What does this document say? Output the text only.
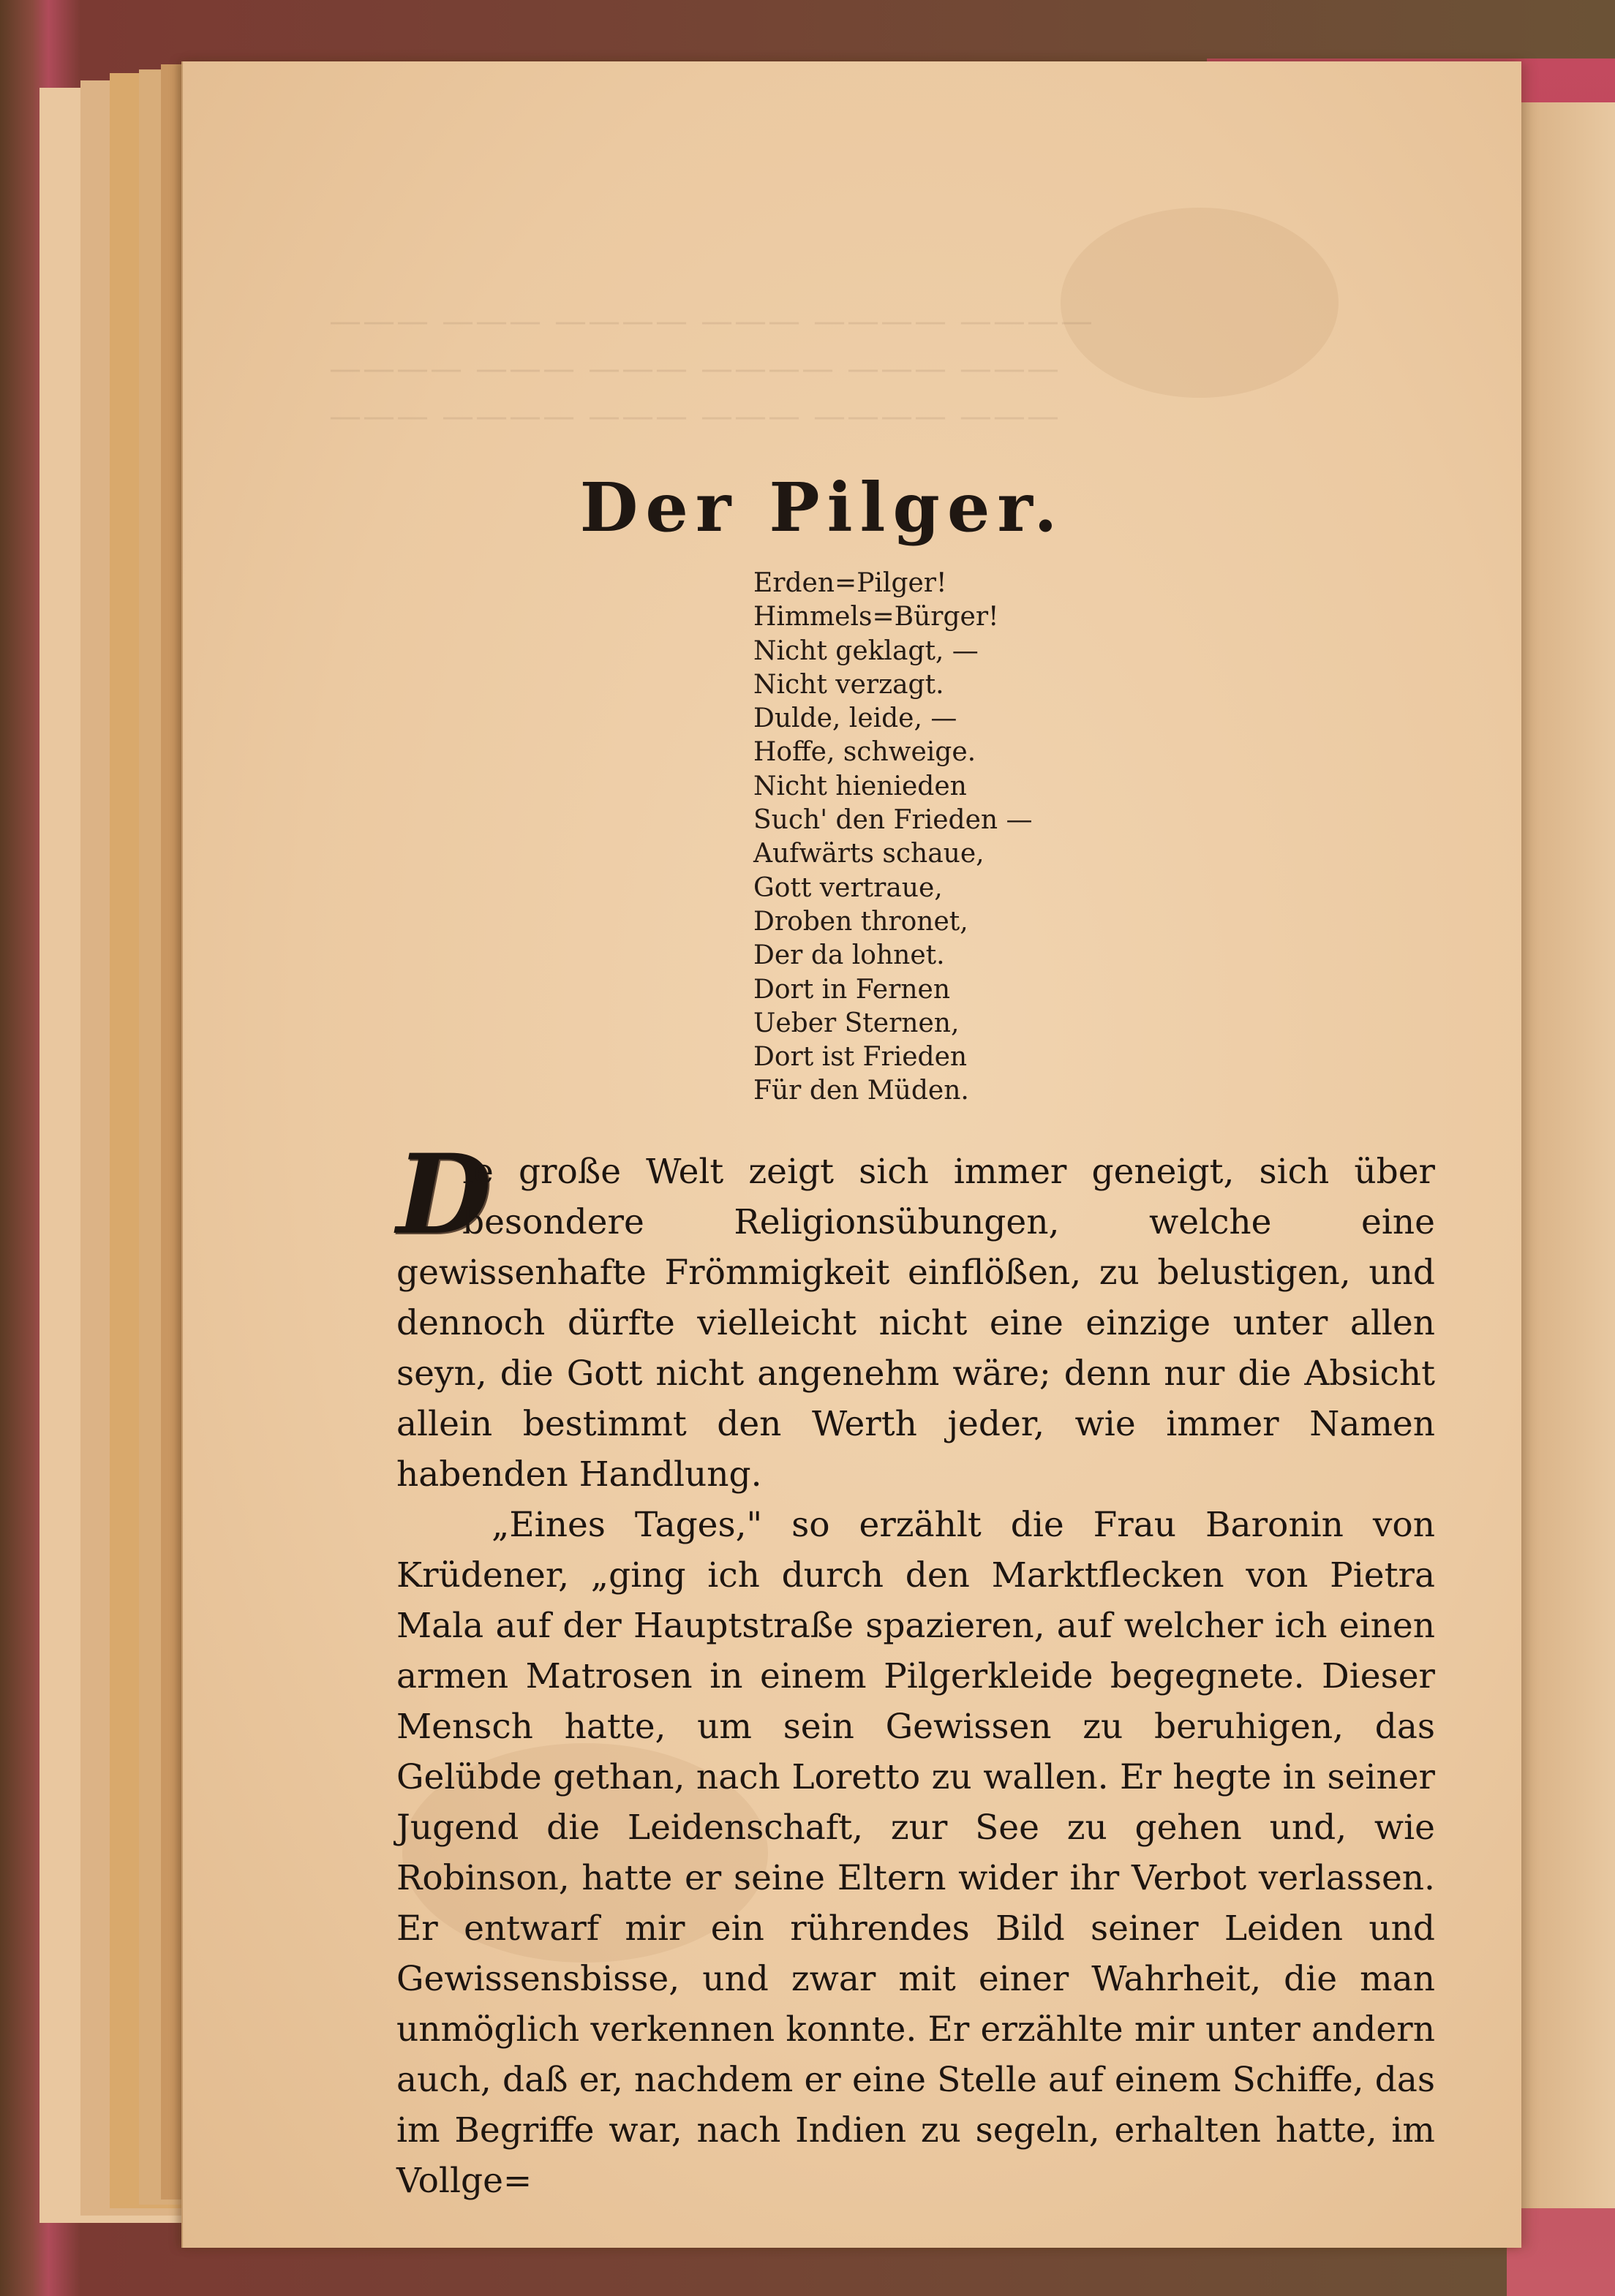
——— ——— ———— ——— ———— ————
———— ——— ——— ———— ——— ———
——— ———— ——— ——— ———— ———
Der Pilger.
Erden=Pilger!
Himmels=Bürger!
Nicht geklagt, —
Nicht verzagt.
Dulde, leide, —
Hoffe, schweige.
Nicht hienieden
Such' den Frieden —
Aufwärts schaue,
Gott vertraue,
Droben thronet,
Der da lohnet.
Dort in Fernen
Ueber Sternen,
Dort ist Frieden
Für den Müden.

D
ie große Welt zeigt sich immer geneigt, sich über besondere Religionsübungen, welche eine gewissenhafte Frömmigkeit einflößen, zu belustigen, und dennoch dürfte vielleicht nicht eine einzige unter allen seyn, die Gott nicht angenehm wäre; denn nur die Absicht allein bestimmt den Werth jeder, wie immer Namen habenden Handlung.

„Eines Tages," so erzählt die Frau Baronin von Krüdener, „ging ich durch den Marktflecken von Pietra Mala auf der Hauptstraße spazieren, auf welcher ich einen armen Matrosen in einem Pilgerkleide begegnete. Dieser Mensch hatte, um sein Gewissen zu beruhigen, das Gelübde gethan, nach Loretto zu wallen. Er hegte in seiner Jugend die Leidenschaft, zur See zu gehen und, wie Robinson, hatte er seine Eltern wider ihr Verbot verlassen. Er entwarf mir ein rührendes Bild seiner Leiden und Gewissensbisse, und zwar mit einer Wahrheit, die man unmöglich verkennen konnte. Er erzählte mir unter andern auch, daß er, nachdem er eine Stelle auf einem Schiffe, das im Begriffe war, nach Indien zu segeln, erhalten hatte, im Vollge=
